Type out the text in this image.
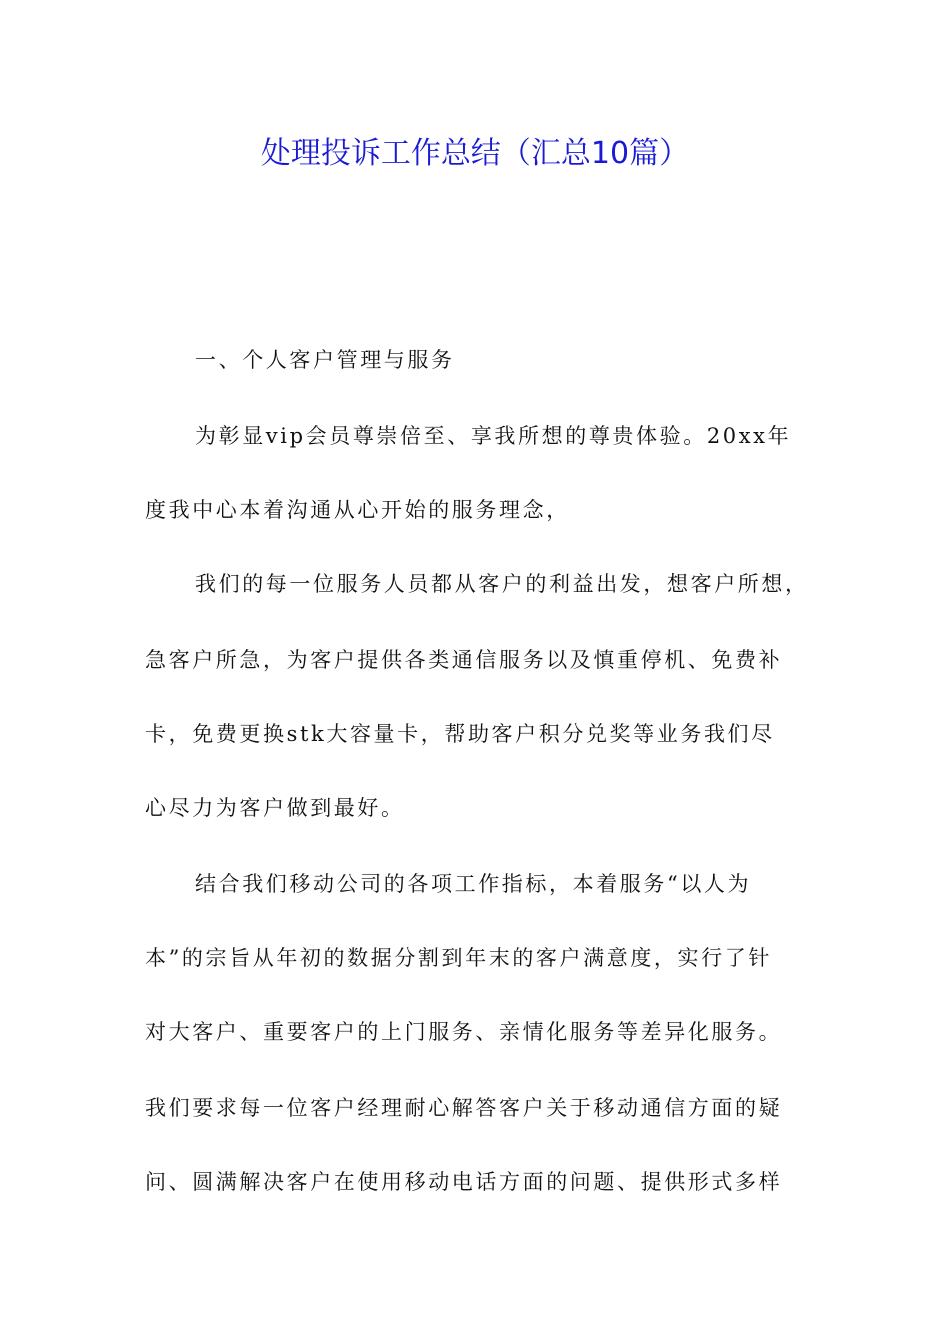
处理投诉工作总结（汇总10篇）

一、个人客户管理与服务

为彰显vip会员尊崇倍至、享我所想的尊贵体验。20xx年

度我中心本着沟通从心开始的服务理念，

我们的每一位服务人员都从客户的利益出发，想客户所想，

急客户所急，为客户提供各类通信服务以及慎重停机、免费补

卡，免费更换stk大容量卡，帮助客户积分兑奖等业务我们尽

心尽力为客户做到最好。

结合我们移动公司的各项工作指标，本着服务“以人为

本”的宗旨从年初的数据分割到年末的客户满意度，实行了针

对大客户、重要客户的上门服务、亲情化服务等差异化服务。

我们要求每一位客户经理耐心解答客户关于移动通信方面的疑

问、圆满解决客户在使用移动电话方面的问题、提供形式多样
